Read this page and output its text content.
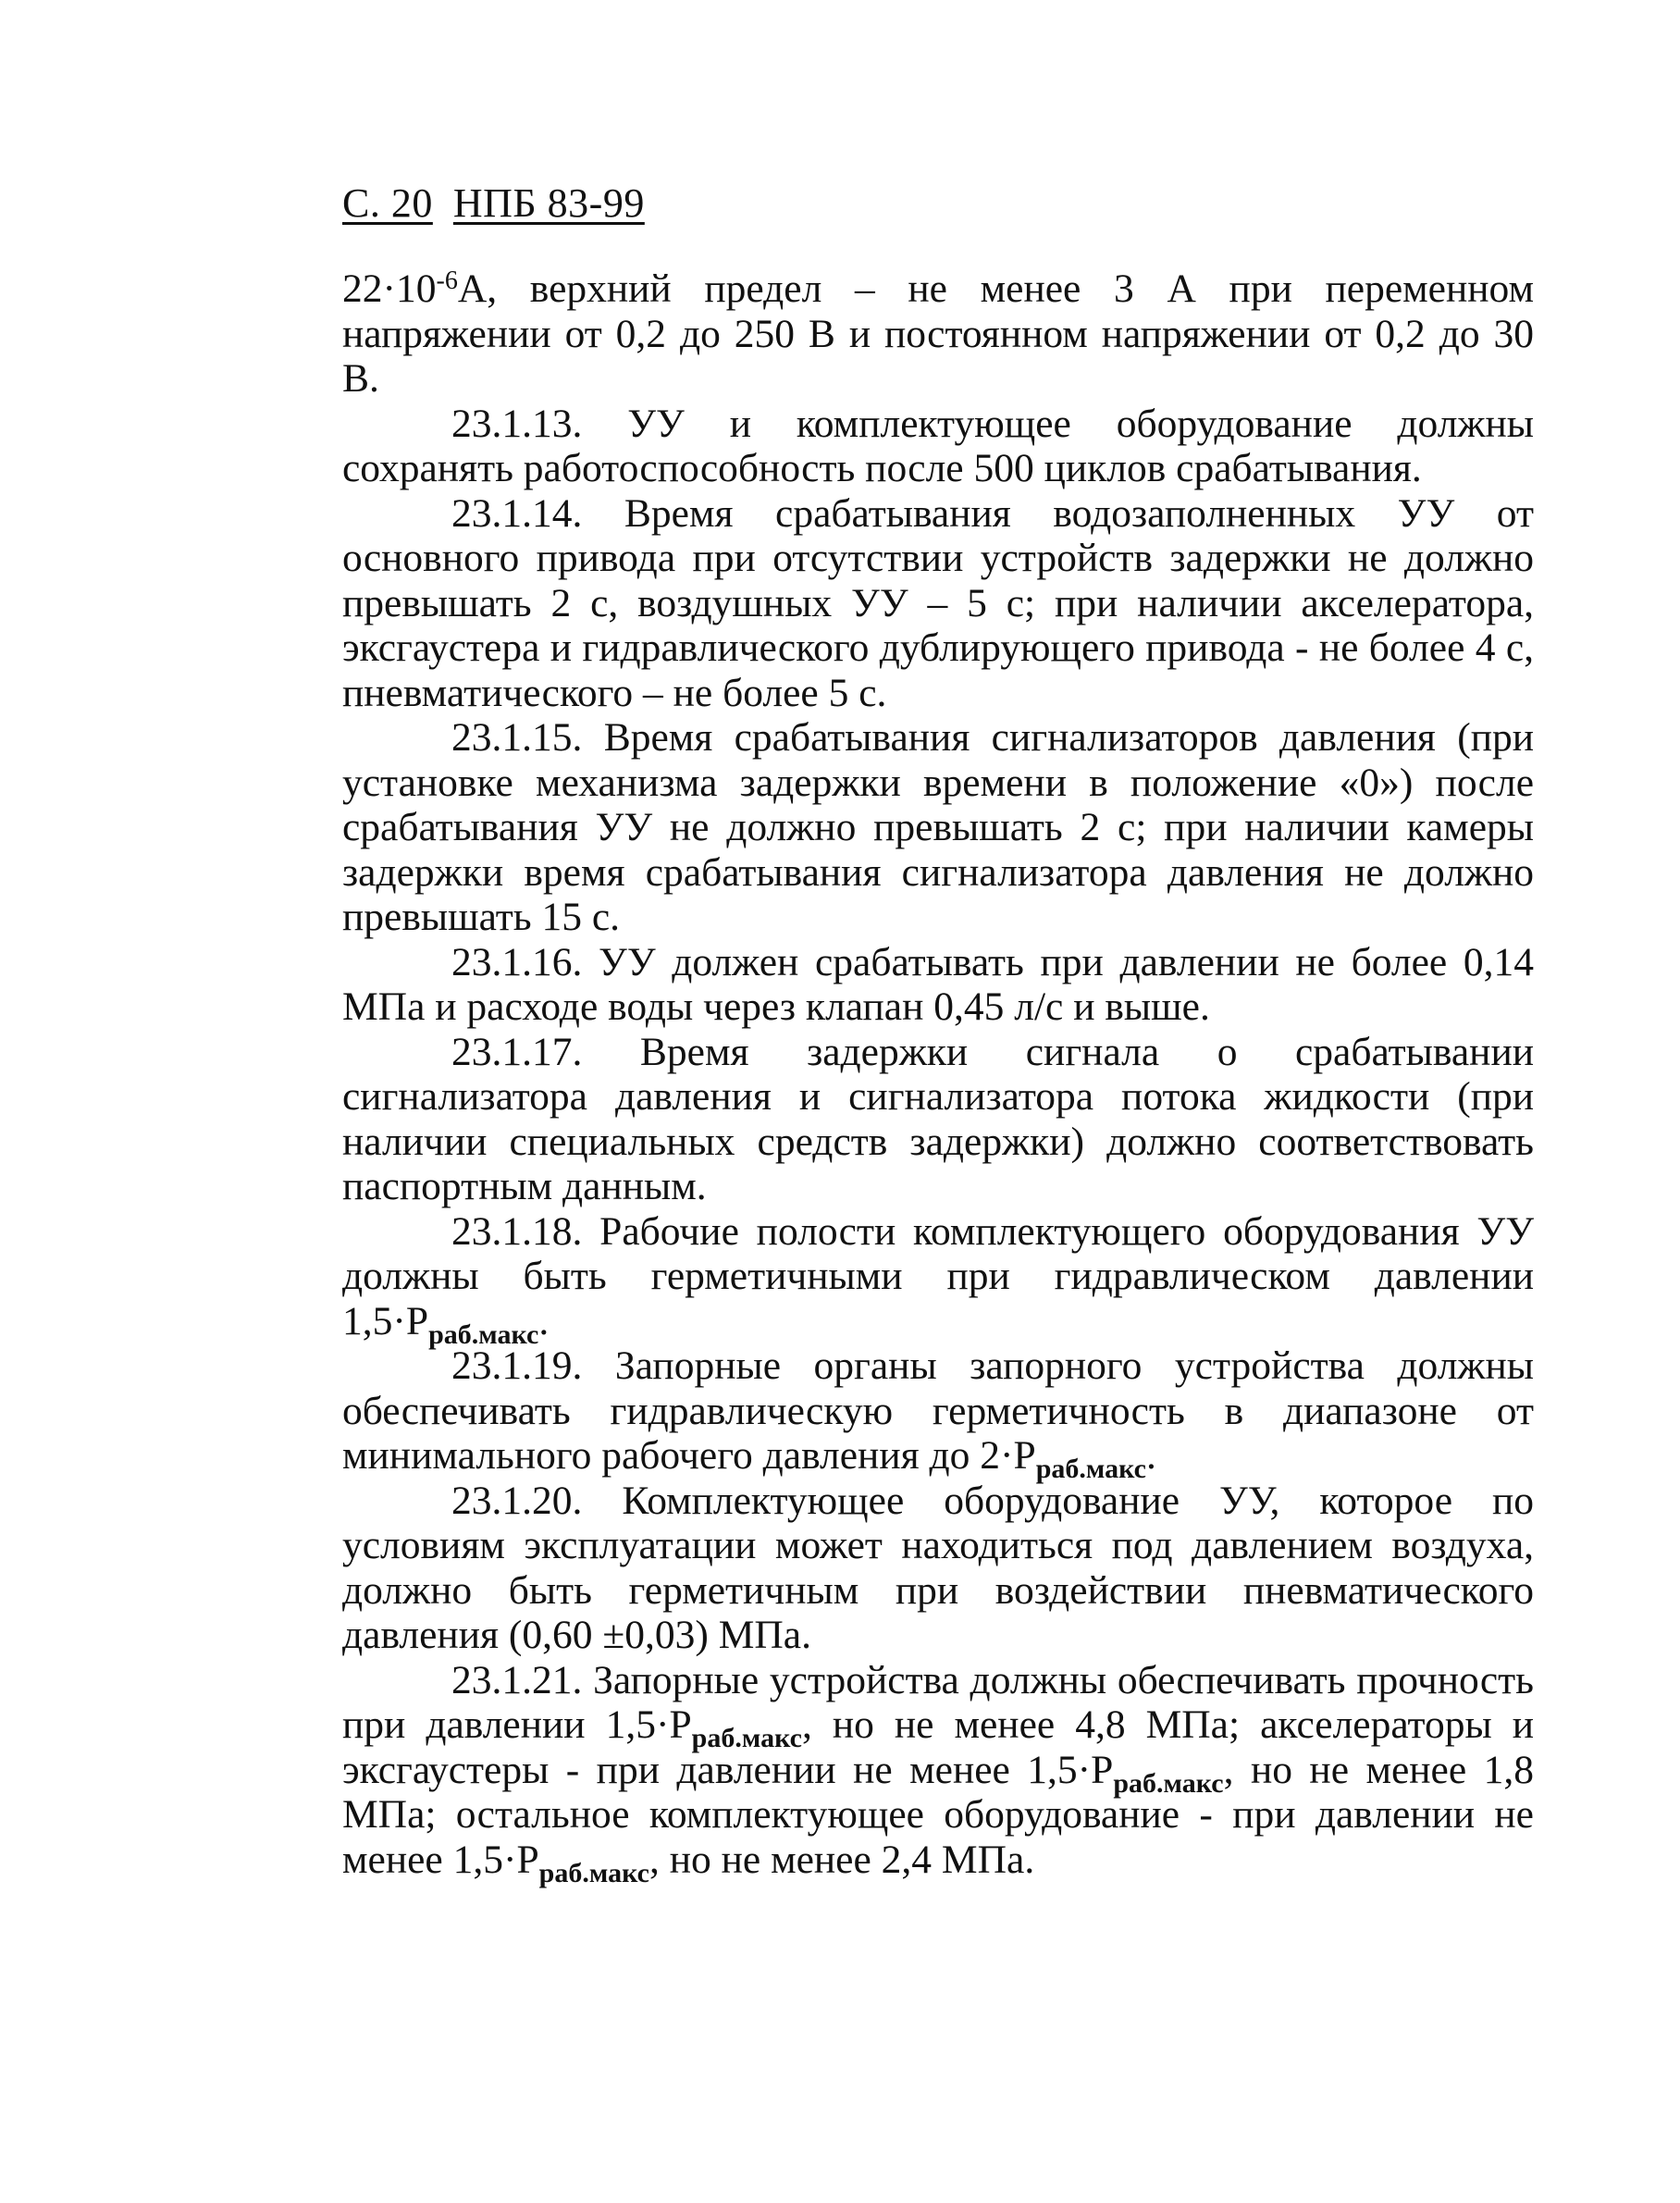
С. 20 НПБ 83-99

$22\cdot 10^{-6}А$, верхний предел – не менее 3 А при переменном напряжении от 0,2 до 250 В и постоянном напряжении от 0,2 до 30 В.

23.1.13. УУ и комплектующее оборудование должны сохранять работоспособность после 500 циклов срабатывания.

23.1.14. Время срабатывания водозаполненных УУ от основного привода при отсутствии устройств задержки не должно превышать 2 с, воздушных УУ – 5 с; при наличии акселератора, эксгаустера и гидравлического дублирующего привода - не более 4 с, пневматического – не более 5 с.

23.1.15. Время срабатывания сигнализаторов давления (при установке механизма задержки времени в положение «0») после срабатывания УУ не должно превышать 2 с; при наличии камеры задержки время срабатывания сигнализатора давления не должно превышать 15 с.

23.1.16. УУ должен срабатывать при давлении не более 0,14 МПа и расходе воды через клапан 0,45 л/с и выше.

23.1.17. Время задержки сигнала о срабатывании сигнализатора давления и сигнализатора потока жидкости (при наличии специальных средств задержки) должно соответствовать паспортным данным.

23.1.18. Рабочие полости комплектующего оборудования УУ должны быть герметичными при гидравлическом давлении $1,5\cdot Р_{раб.макс}$.

23.1.19. Запорные органы запорного устройства должны обеспечивать гидравлическую герметичность в диапазоне от минимального рабочего давления до $2\cdot Р_{раб.макс}$.

23.1.20. Комплектующее оборудование УУ, которое по условиям эксплуатации может находиться под давлением воздуха, должно быть герметичным при воздействии пневматического давления (0,60 ±0,03) МПа.

23.1.21. Запорные устройства должны обеспечивать прочность при давлении $1,5\cdot Р_{раб.макс}$, но не менее 4,8 МПа; акселераторы и эксгаустеры - при давлении не менее $1,5\cdot Р_{раб.макс}$, но не менее 1,8 МПа; остальное комплектующее оборудование - при давлении не менее $1,5\cdot Р_{раб.макс}$, но не менее 2,4 МПа.
